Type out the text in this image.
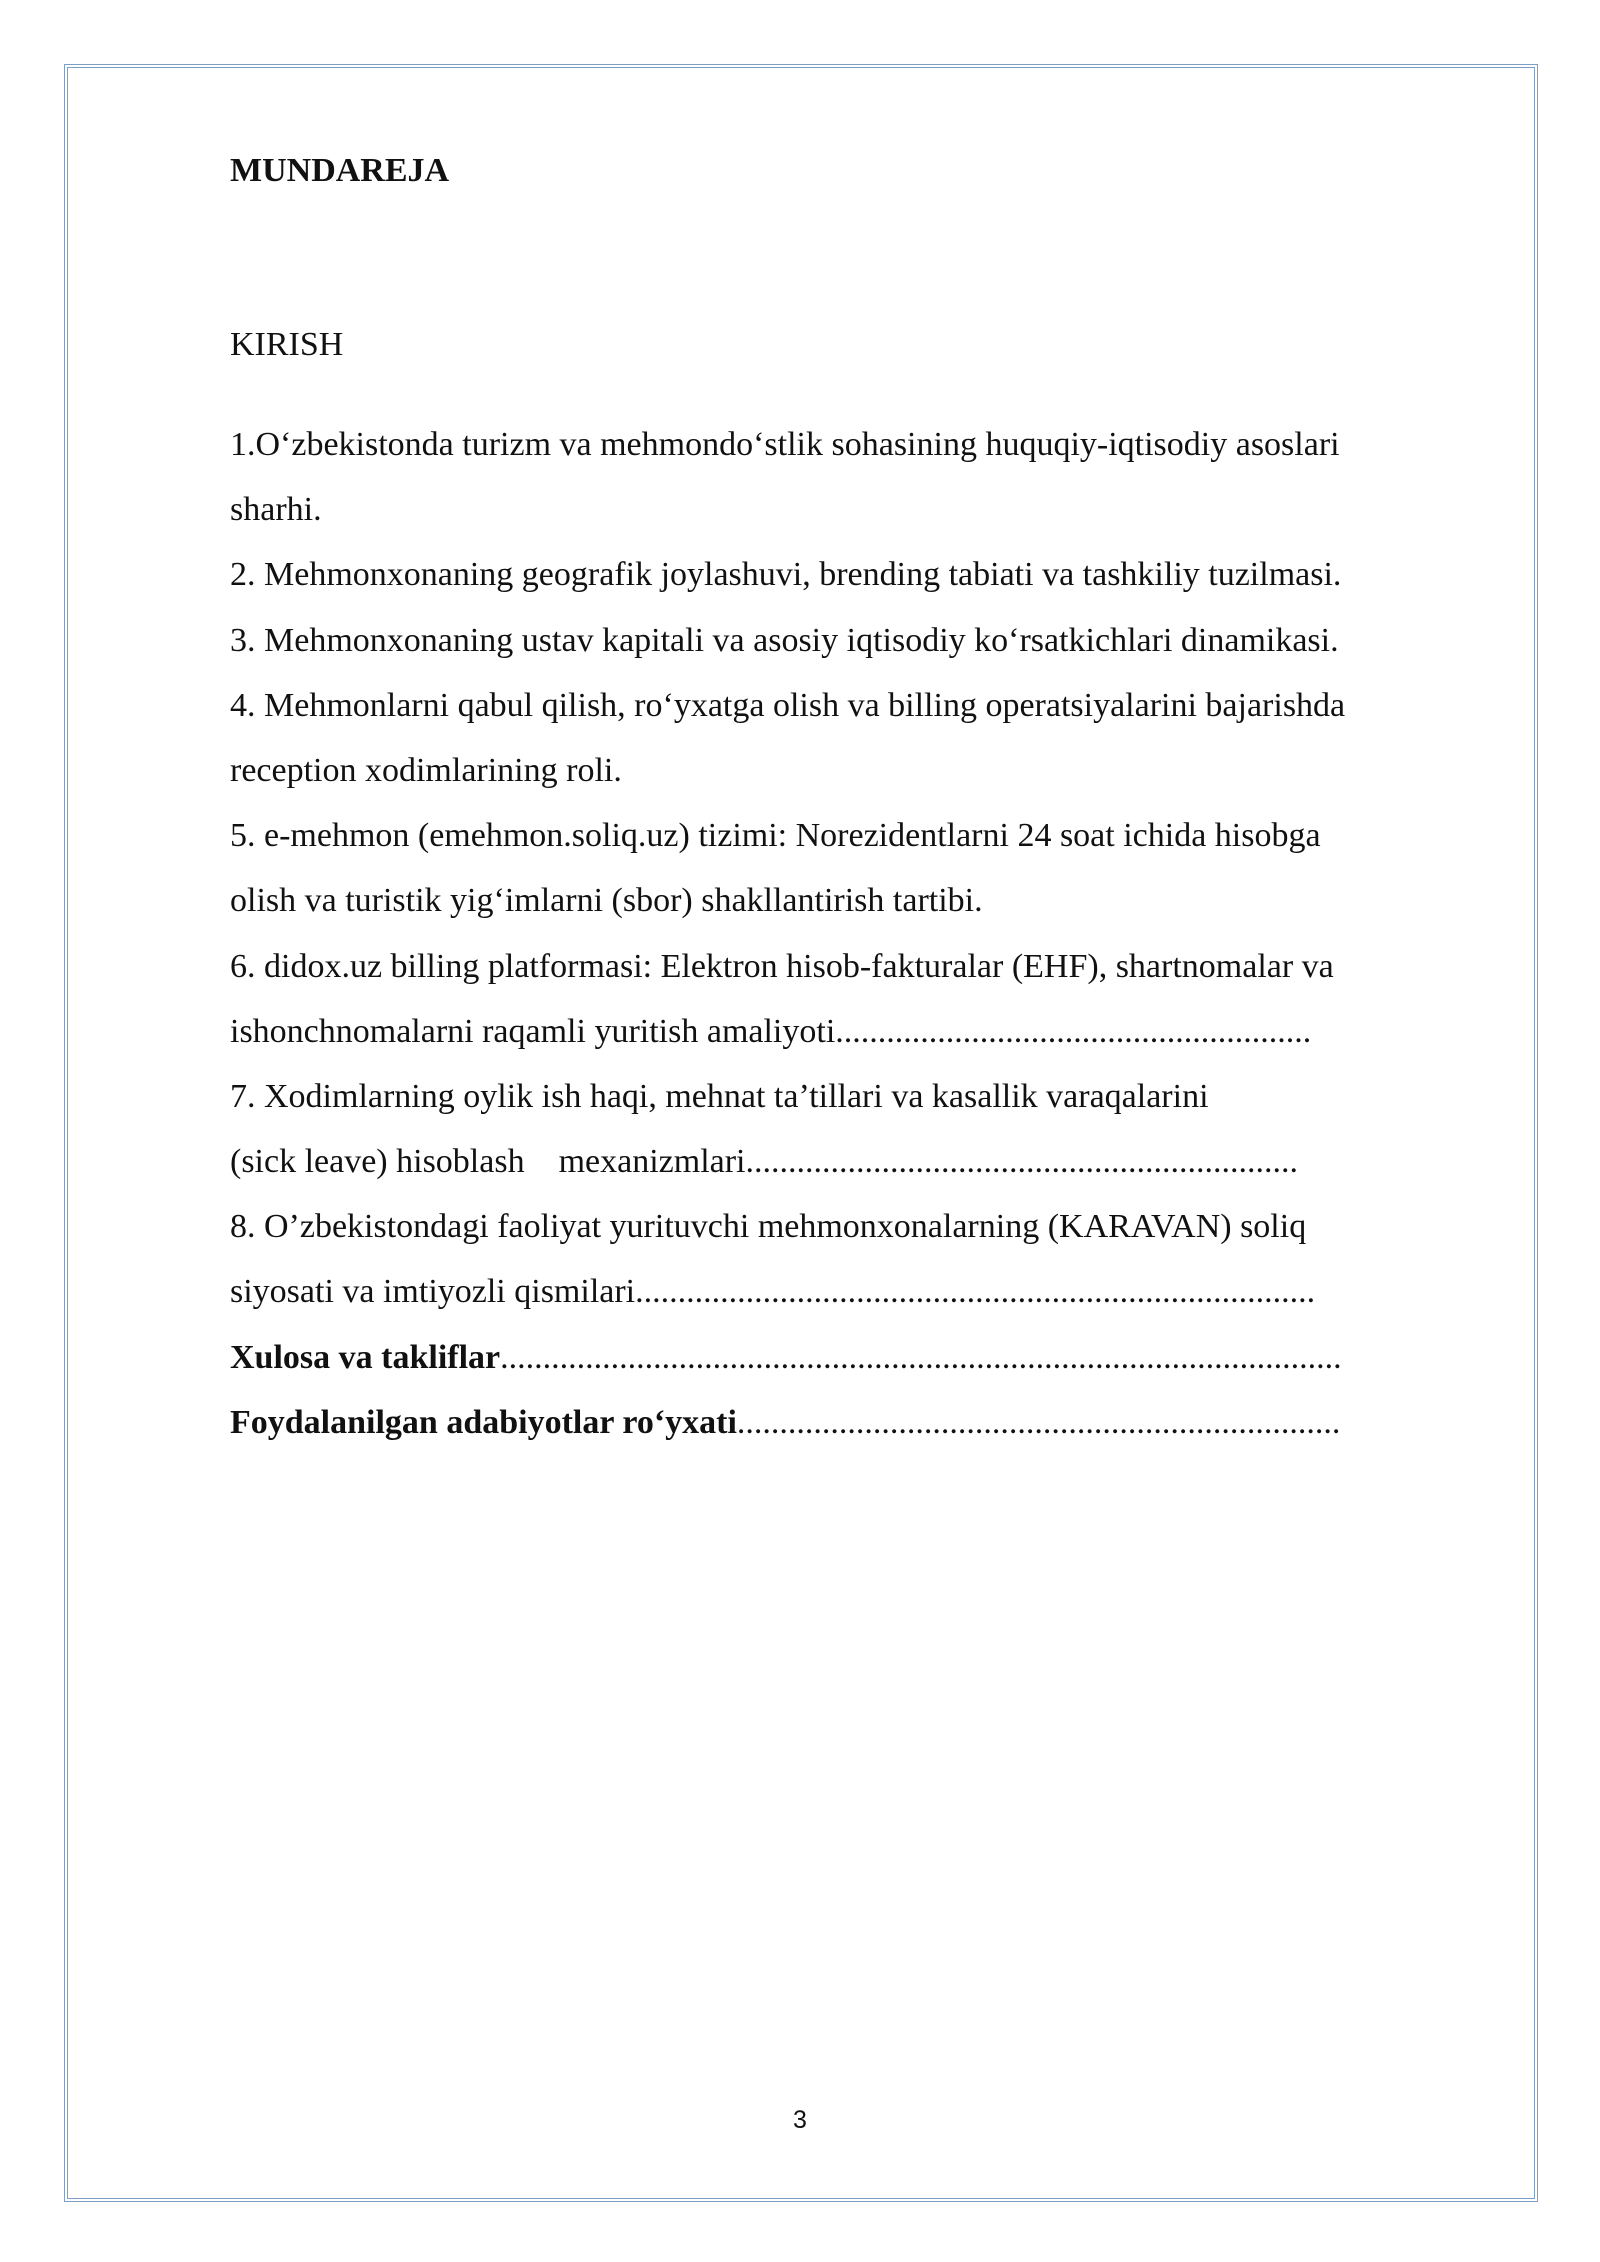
MUNDAREJA
KIRISH
1.O‘zbekistonda turizm va mehmondo‘stlik sohasining huquqiy-iqtisodiy asoslari
sharhi.
2. Mehmonxonaning geografik joylashuvi, brending tabiati va tashkiliy tuzilmasi.
3. Mehmonxonaning ustav kapitali va asosiy iqtisodiy ko‘rsatkichlari dinamikasi.
4. Mehmonlarni qabul qilish, ro‘yxatga olish va billing operatsiyalarini bajarishda
reception xodimlarining roli.
5. e-mehmon (emehmon.soliq.uz) tizimi: Norezidentlarni 24 soat ichida hisobga
olish va turistik yig‘imlarni (sbor) shakllantirish tartibi.
6. didox.uz billing platformasi: Elektron hisob-fakturalar (EHF), shartnomalar va
ishonchnomalarni raqamli yuritish amaliyoti........................................................
7. Xodimlarning oylik ish haqi, mehnat ta’tillari va kasallik varaqalarini
(sick leave) hisoblash    mexanizmlari.................................................................
8. O’zbekistondagi faoliyat yurituvchi mehmonxonalarning (KARAVAN) soliq
siyosati va imtiyozli qismilari................................................................................
Xulosa va takliflar...................................................................................................
Foydalanilgan adabiyotlar ro‘yxati.......................................................................
3
